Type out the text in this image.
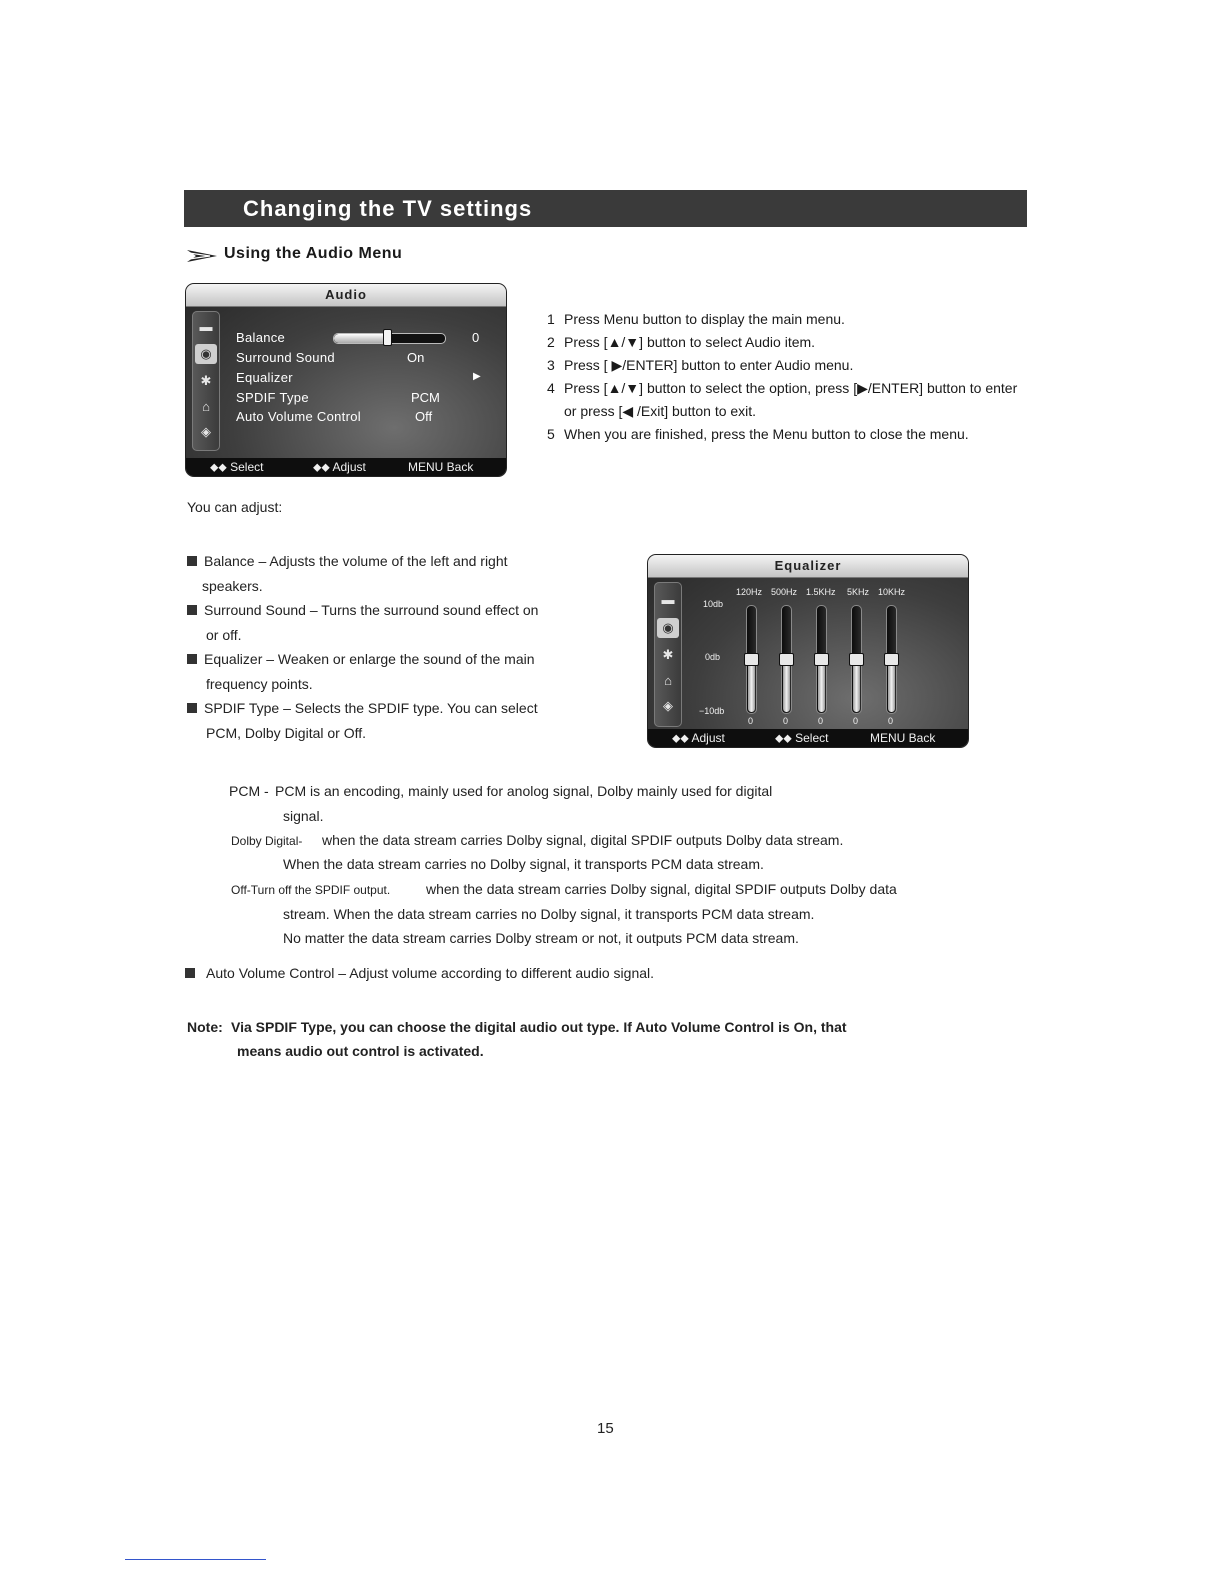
Changing the TV settings
Using the Audio Menu
Audio
▬
◉
✱
⌂
◈
Balance	0
Surround Sound	On
Equalizer	▶
SPDIF Type	PCM
Auto Volume Control	Off
⬥⬥ Select	⬥⬥ Adjust	MENU Back
1 Press Menu button to display the main menu.
2 Press [▲/▼] button to select Audio item.
3 Press [ ▶/ENTER] button to enter Audio menu.
4 Press [▲/▼] button to select the option, press [▶/ENTER] button to enter
or press [◀ /Exit] button to exit.
5 When you are finished, press the Menu button to close the menu.
You can adjust:
Balance – Adjusts the volume of the left and right
speakers.
Surround Sound – Turns the surround sound effect on
or off.
Equalizer – Weaken or enlarge the sound of the main
frequency points.
SPDIF Type – Selects the SPDIF type. You can select
PCM, Dolby Digital or Off.
Equalizer
▬
◉
✱
⌂
◈
⬥⬥ Adjust	⬥⬥ Select	MENU Back
10db
0db
−10db
120Hz 500Hz 1.5KHz 5KHz 10KHz
0	0	0	0	0
PCM - PCM is an encoding, mainly used for anolog signal, Dolby mainly used for digital
signal.
Dolby Digital- when the data stream carries Dolby signal, digital SPDIF outputs Dolby data stream.
When the data stream carries no Dolby signal, it transports PCM data stream.
Off-Turn off the SPDIF output.	when the data stream carries Dolby signal, digital SPDIF outputs Dolby data
stream. When the data stream carries no Dolby signal, it transports PCM data stream.
No matter the data stream carries Dolby stream or not, it outputs PCM data stream.
Auto Volume Control – Adjust volume according to different audio signal.
Note: Via SPDIF Type, you can choose the digital audio out type. If Auto Volume Control is On, that
means audio out control is activated.
15
